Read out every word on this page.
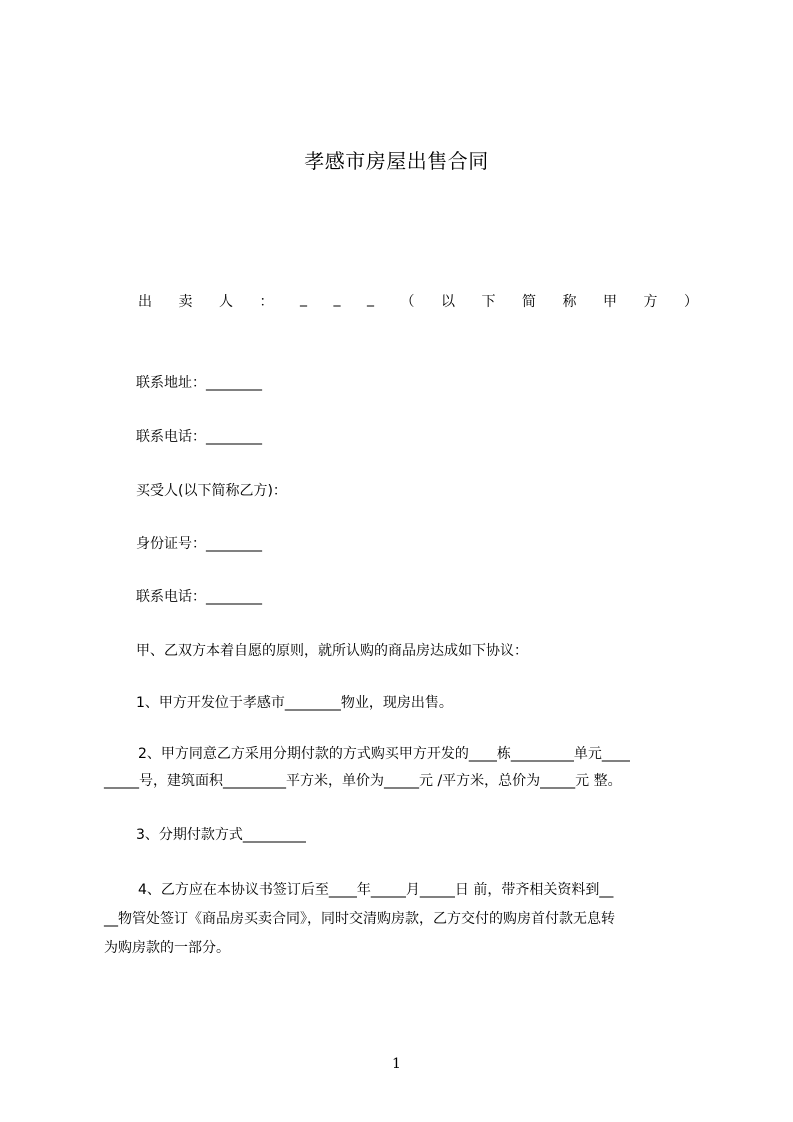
孝感市房屋出售合同
出 卖 人 ： _ _ _ （ 以 下 简 称 甲 方 ）
联系地址：________
联系电话：________
买受人(以下简称乙方)：
身份证号：________
联系电话：________
甲、乙双方本着自愿的原则，就所认购的商品房达成如下协议：
1、甲方开发位于孝感市________物业，现房出售。
2、甲方同意乙方采用分期付款的方式购买甲方开发的____栋_________单元____
_____号，建筑面积_________平方米，单价为_____元 /平方米，总价为_____元 整。
3、分期付款方式_________
4、乙方应在本协议书签订后至____年_____月_____日 前，带齐相关资料到__
__物管处签订《商品房买卖合同》，同时交清购房款，乙方交付的购房首付款无息转
为购房款的一部分。
1
